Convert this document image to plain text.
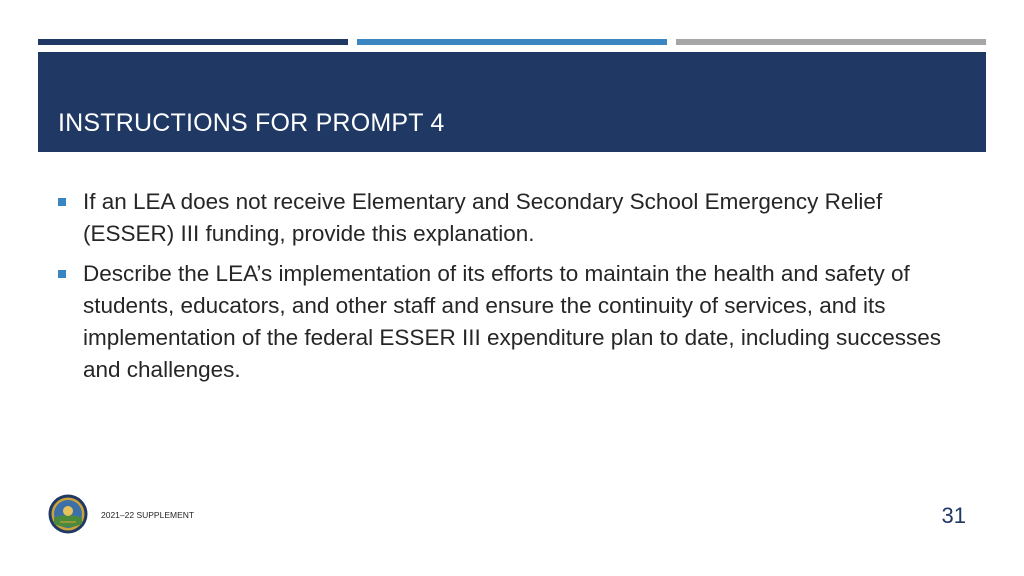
INSTRUCTIONS FOR PROMPT 4
If an LEA does not receive Elementary and Secondary School Emergency Relief (ESSER) III funding, provide this explanation.
Describe the LEA’s implementation of its efforts to maintain the health and safety of students, educators, and other staff and ensure the continuity of services, and its implementation of the federal ESSER III expenditure plan to date, including successes and challenges.
2021–22 SUPPLEMENT	31
